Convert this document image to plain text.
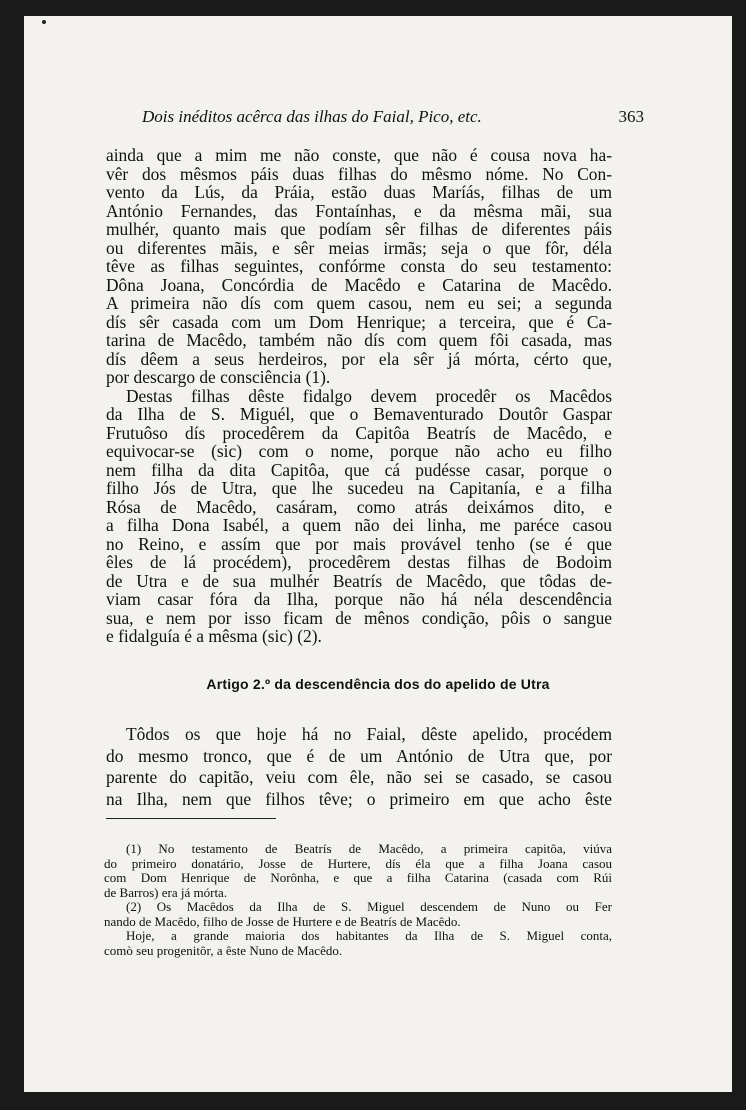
Dois inéditos acêrca das ilhas do Faial, Pico, etc.	363
ainda que a mim me não conste, que não é cousa nova ha-
vêr dos mêsmos páis duas filhas do mêsmo nóme. No Con-
vento da Lús, da Práia, estão duas Maríás, filhas de um
António Fernandes, das Fontaínhas, e da mêsma mãi, sua
mulhér, quanto mais que podíam sêr filhas de diferentes páis
ou diferentes mãis, e sêr meias irmãs; seja o que fôr, déla
têve as filhas seguintes, confórme consta do seu testamento:
Dôna Joana, Concórdia de Macêdo e Catarina de Macêdo.
A primeira não dís com quem casou, nem eu sei; a segunda
dís sêr casada com um Dom Henrique; a terceira, que é Ca-
tarina de Macêdo, também não dís com quem fôi casada, mas
dís dêem a seus herdeiros, por ela sêr já mórta, cérto que,
por descargo de consciência (1).
Destas filhas dêste fidalgo devem procedêr os Macêdos
da Ilha de S. Miguél, que o Bemaventurado Doutôr Gaspar
Frutuôso dís procedêrem da Capitôa Beatrís de Macêdo, e
equivocar-se (sic) com o nome, porque não acho eu filho
nem filha da dita Capitôa, que cá pudésse casar, porque o
filho Jós de Utra, que lhe sucedeu na Capitanía, e a filha
Rósa de Macêdo, casáram, como atrás deixámos dito, e
a filha Dona Isabél, a quem não dei linha, me parécе casou
no Reino, e assím que por mais provável tenho (se é que
êles de lá procédem), procedêrem destas filhas de Bodoim
de Utra e de sua mulhér Beatrís de Macêdo, que tôdas de-
viam casar fóra da Ilha, porque não há néla descendência
sua, e nem por isso ficam de mênos condição, pôis o sangue
e fidalguía é a mêsma (sic) (2).
Artigo 2.º da descendência dos do apelido de Utra
Tôdos os que hoje há no Faial, dêste apelido, procédem
do mesmo tronco, que é de um António de Utra que, por
parente do capitão, veiu com êle, não sei se casado, se casou
na Ilha, nem que filhos têve; o primeiro em que acho êste
(1) No testamento de Beatrís de Macêdo, a primeira capitôa, viúva
do primeiro donatário, Josse de Hurtere, dís éla que a filha Joana casou
com Dom Henrique de Norônha, e que a filha Catarina (casada com Rúi
de Barros) era já mórta.
(2) Os Macêdos da Ilha de S. Miguel descendem de Nuno ou Fer
nando de Macêdo, filho de Josse de Hurtere e de Beatrís de Macêdo.
Hoje, a grande maioria dos habitantes da Ilha de S. Miguel conta,
comò seu progenitôr, a êste Nuno de Macêdo.
